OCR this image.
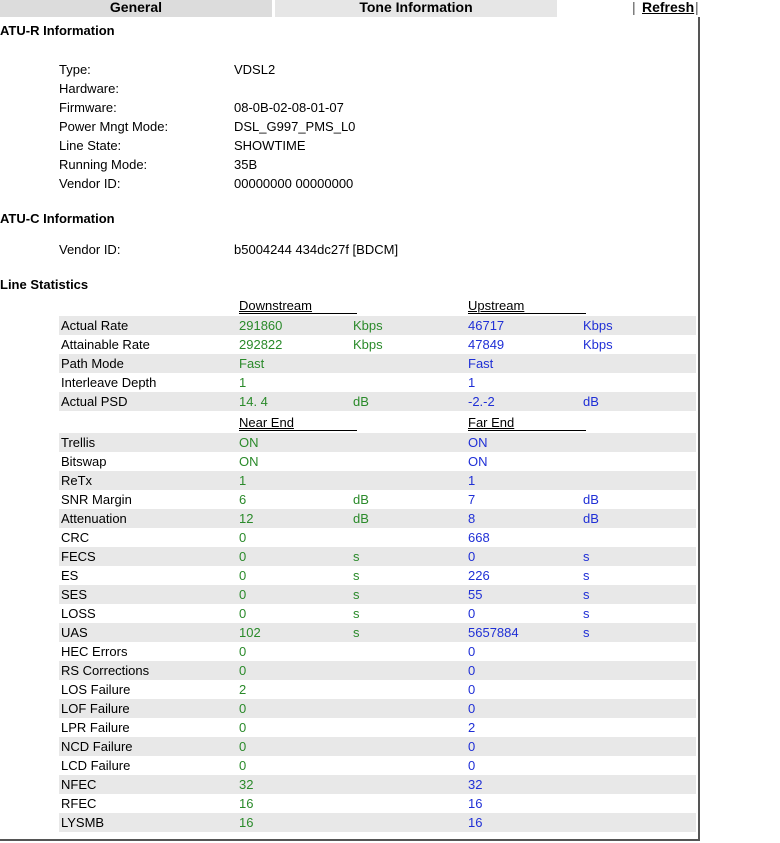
General	Tone Information	| Refresh |
ATU-R Information
Type:	VDSL2
Hardware:
Firmware:	08-0B-02-08-01-07
Power Mngt Mode:	DSL_G997_PMS_L0
Line State:	SHOWTIME
Running Mode:	35B
Vendor ID:	00000000 00000000
ATU-C Information
Vendor ID:	b5004244 434dc27f [BDCM]
Line Statistics
Downstream	Upstream
Actual Rate	291860	Kbps	46717	Kbps
Attainable Rate	292822	Kbps	47849	Kbps
Path Mode	Fast	Fast
Interleave Depth	1	1
Actual PSD	14. 4	dB	-2.-2	dB
Near End	Far End
Trellis	ON	ON
Bitswap	ON	ON
ReTx	1	1
SNR Margin	6	dB	7	dB
Attenuation	12	dB	8	dB
CRC	0	668
FECS	0	s	0	s
ES	0	s	226	s
SES	0	s	55	s
LOSS	0	s	0	s
UAS	102	s	5657884	s
HEC Errors	0	0
RS Corrections	0	0
LOS Failure	2	0
LOF Failure	0	0
LPR Failure	0	2
NCD Failure	0	0
LCD Failure	0	0
NFEC	32	32
RFEC	16	16
LYSMB	16	16
